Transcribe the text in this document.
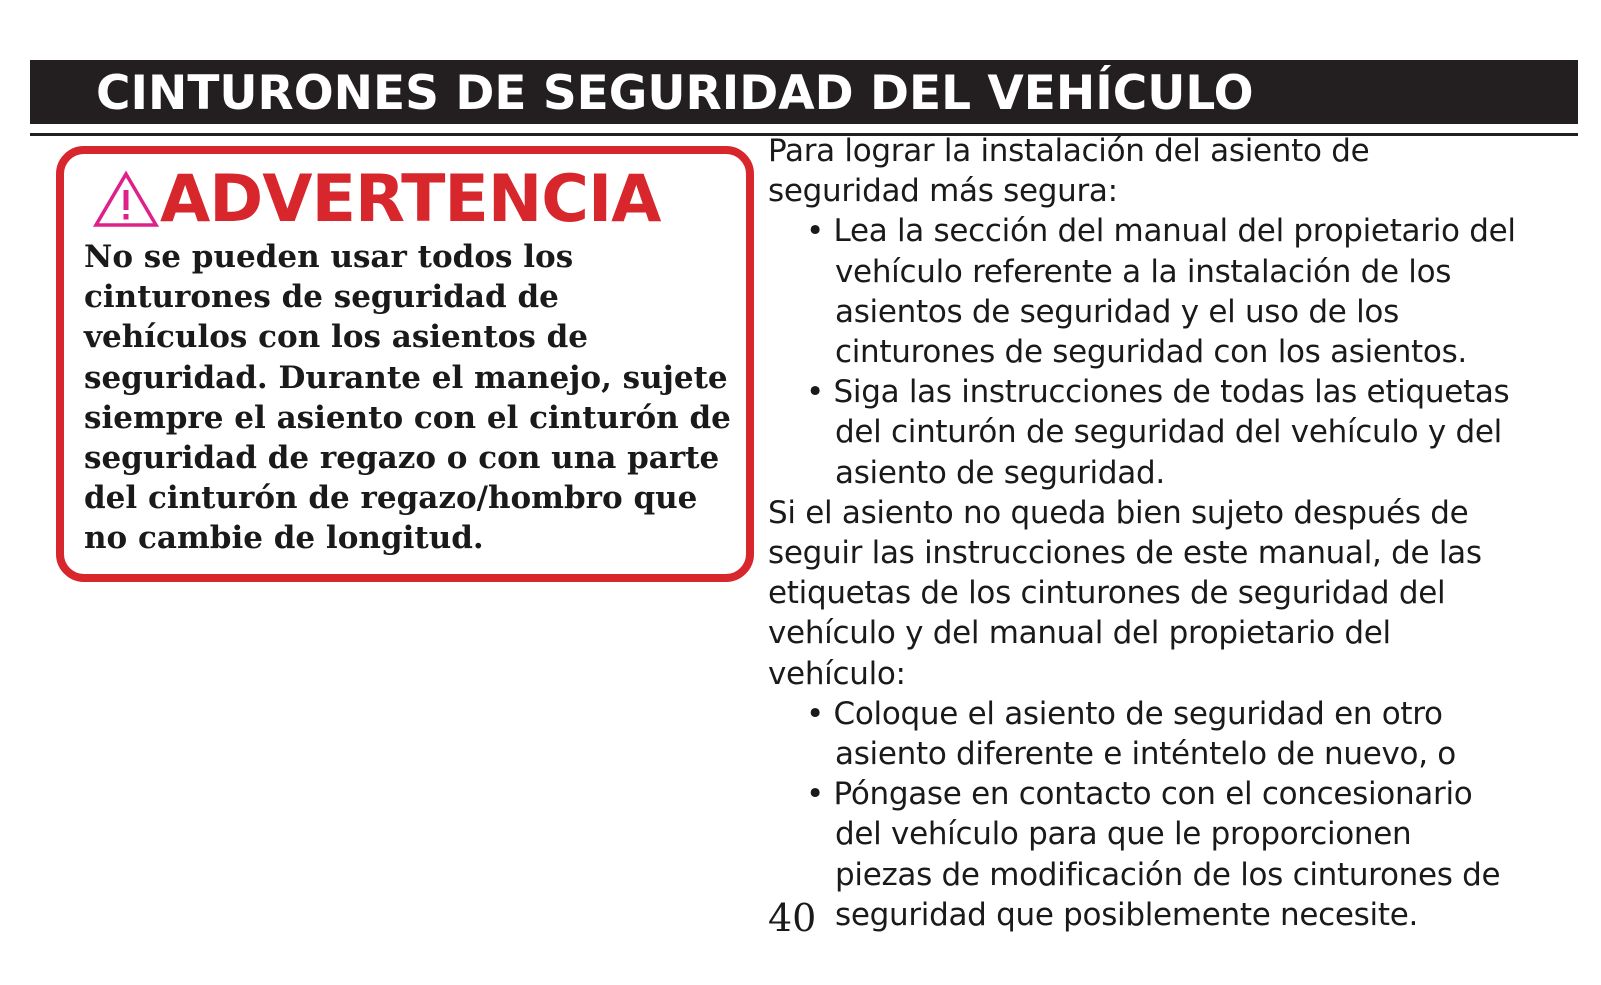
CINTURONES DE SEGURIDAD DEL VEHÍCULO
ADVERTENCIA
No se pueden usar todos los
cinturones de seguridad de
vehículos con los asientos de
seguridad. Durante el manejo, sujete
siempre el asiento con el cinturón de
seguridad de regazo o con una parte
del cinturón de regazo/hombro que
no cambie de longitud.
Para lograr la instalación del asiento de
seguridad más segura:
• Lea la sección del manual del propietario del
vehículo referente a la instalación de los
asientos de seguridad y el uso de los
cinturones de seguridad con los asientos.
• Siga las instrucciones de todas las etiquetas
del cinturón de seguridad del vehículo y del
asiento de seguridad.
Si el asiento no queda bien sujeto después de
seguir las instrucciones de este manual, de las
etiquetas de los cinturones de seguridad del
vehículo y del manual del propietario del
vehículo:
• Coloque el asiento de seguridad en otro
asiento diferente e inténtelo de nuevo, o
• Póngase en contacto con el concesionario
del vehículo para que le proporcionen
piezas de modificación de los cinturones de
seguridad que posiblemente necesite.
40
